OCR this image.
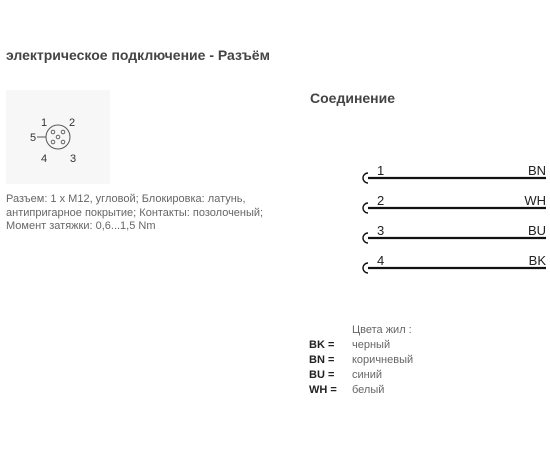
электрическое подключение - Разъём
1 2
3
4
5
Разъем: 1 x M12, угловой; Блокировка: латунь,
антипригарное покрытие; Контакты: позолоченый;
Момент затяжки: 0,6...1,5 Nm
Соединение
1	BN
2	WH
3	BU
4	BK
Цвета жил :
BK =	черный
BN =	коричневый
BU =	синий
WH =	белый
